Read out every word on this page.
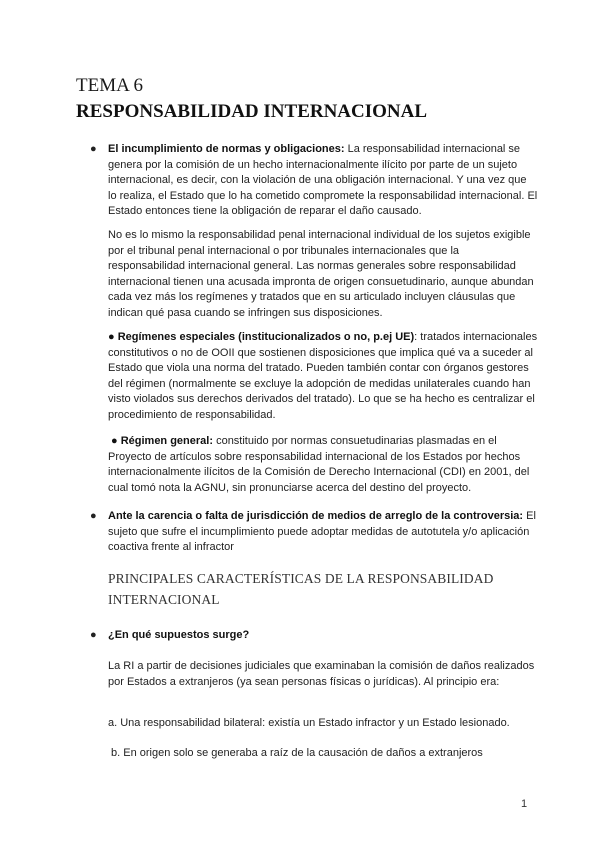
TEMA 6
RESPONSABILIDAD INTERNACIONAL
● El incumplimiento de normas y obligaciones: La responsabilidad internacional se genera por la comisión de un hecho internacionalmente ilícito por parte de un sujeto internacional, es decir, con la violación de una obligación internacional. Y una vez que lo realiza, el Estado que lo ha cometido compromete la responsabilidad internacional. El Estado entonces tiene la obligación de reparar el daño causado.
No es lo mismo la responsabilidad penal internacional individual de los sujetos exigible por el tribunal penal internacional o por tribunales internacionales que la responsabilidad internacional general. Las normas generales sobre responsabilidad internacional tienen una acusada impronta de origen consuetudinario, aunque abundan cada vez más los regímenes y tratados que en su articulado incluyen cláusulas que indican qué pasa cuando se infringen sus disposiciones.
● Regímenes especiales (institucionalizados o no, p.ej UE): tratados internacionales constitutivos o no de OOII que sostienen disposiciones que implica qué va a suceder al Estado que viola una norma del tratado. Pueden también contar con órganos gestores del régimen (normalmente se excluye la adopción de medidas unilaterales cuando han visto violados sus derechos derivados del tratado). Lo que se ha hecho es centralizar el procedimiento de responsabilidad.
● Régimen general: constituido por normas consuetudinarias plasmadas en el Proyecto de artículos sobre responsabilidad internacional de los Estados por hechos internacionalmente ilícitos de la Comisión de Derecho Internacional (CDI) en 2001, del cual tomó nota la AGNU, sin pronunciarse acerca del destino del proyecto.
● Ante la carencia o falta de jurisdicción de medios de arreglo de la controversia: El sujeto que sufre el incumplimiento puede adoptar medidas de autotutela y/o aplicación coactiva frente al infractor
PRINCIPALES CARACTERÍSTICAS DE LA RESPONSABILIDAD INTERNACIONAL
● ¿En qué supuestos surge?
La RI a partir de decisiones judiciales que examinaban la comisión de daños realizados por Estados a extranjeros (ya sean personas físicas o jurídicas). Al principio era:
a. Una responsabilidad bilateral: existía un Estado infractor y un Estado lesionado.
b. En origen solo se generaba a raíz de la causación de daños a extranjeros
1
